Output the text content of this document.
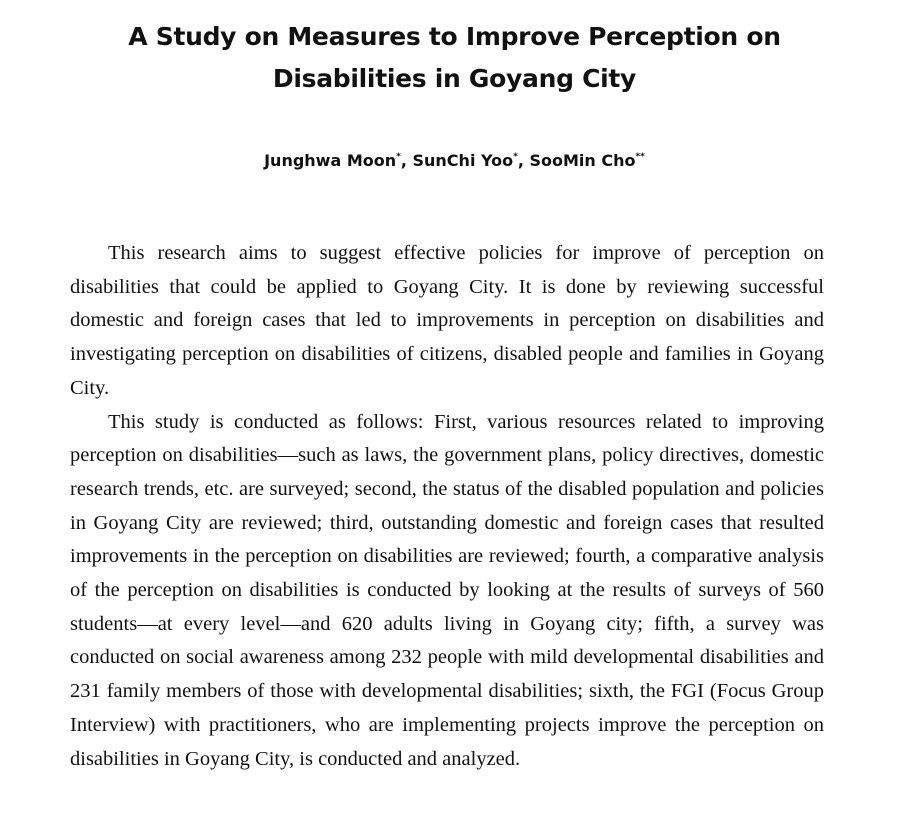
A Study on Measures to Improve Perception on
Disabilities in Goyang City
Junghwa Moon*, SunChi Yoo*, SooMin Cho**

This research aims to suggest effective policies for improve of perception on disabilities that could be applied to Goyang City. It is done by reviewing successful domestic and foreign cases that led to improvements in perception on disabilities and investigating perception on disabilities of citizens, disabled people and families in Goyang City.

This study is conducted as follows: First, various resources related to improving perception on disabilities—such as laws, the government plans, policy directives, domestic research trends, etc. are surveyed; second, the status of the disabled population and policies in Goyang City are reviewed; third, outstanding domestic and foreign cases that resulted improvements in the perception on disabilities are reviewed; fourth, a comparative analysis of the perception on disabilities is conducted by looking at the results of surveys of 560 students—at every level—and 620 adults living in Goyang city; fifth, a survey was conducted on social awareness among 232 people with mild developmental disabilities and 231 family members of those with developmental disabilities; sixth, the FGI (Focus Group Interview) with practitioners, who are implementing projects improve the perception on disabilities in Goyang City, is conducted and analyzed.
